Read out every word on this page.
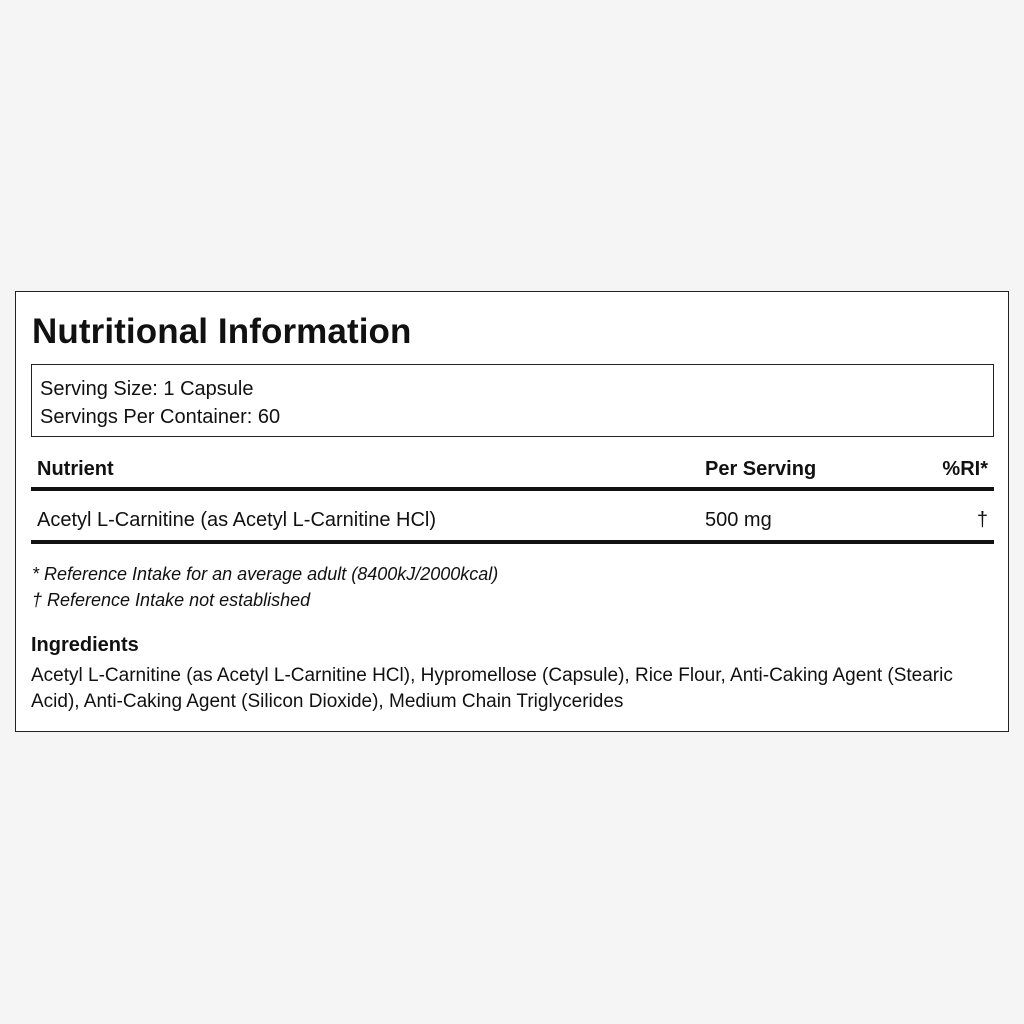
Nutritional Information
Serving Size: 1 Capsule
Servings Per Container: 60
Nutrient	Per Serving	%RI*
Acetyl L-Carnitine (as Acetyl L-Carnitine HCl)	500 mg	†
* Reference Intake for an average adult (8400kJ/2000kcal)
† Reference Intake not established
Ingredients

Acetyl L-Carnitine (as Acetyl L-Carnitine HCl), Hypromellose (Capsule), Rice Flour, Anti-Caking Agent (Stearic Acid), Anti-Caking Agent (Silicon Dioxide), Medium Chain Triglycerides
